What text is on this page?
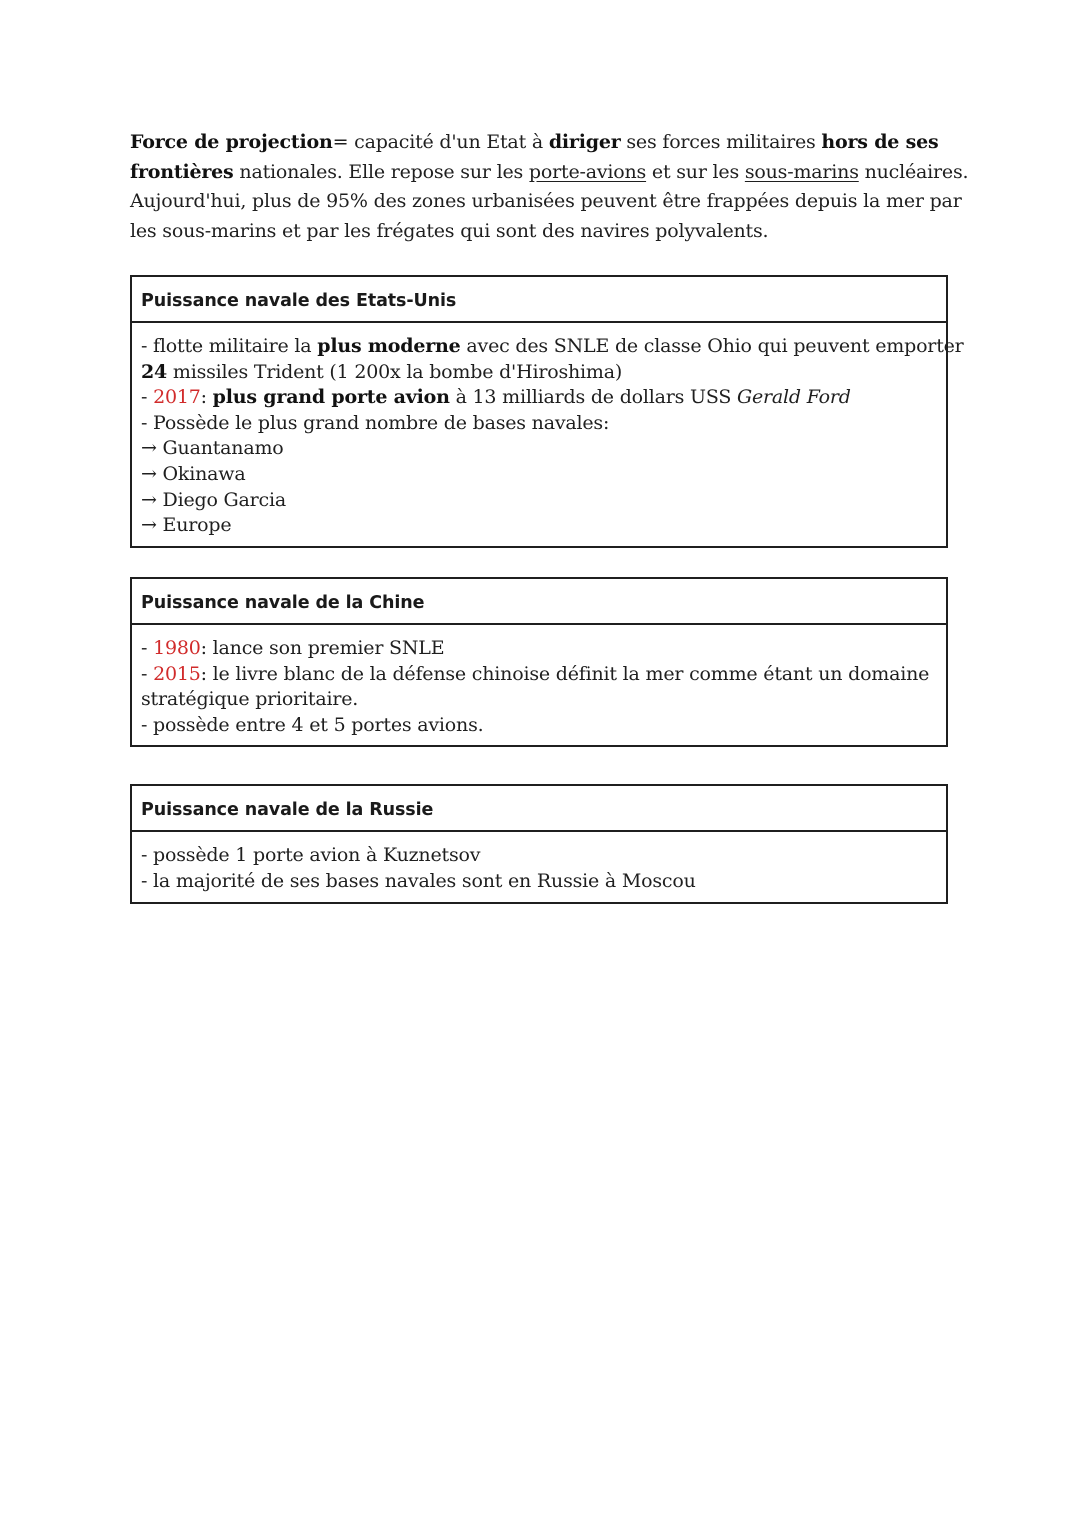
Force de projection= capacité d'un Etat à diriger ses forces militaires hors de ses
frontières nationales. Elle repose sur les porte-avions et sur les sous-marins nucléaires.
Aujourd'hui, plus de 95% des zones urbanisées peuvent être frappées depuis la mer par
les sous-marins et par les frégates qui sont des navires polyvalents.
Puissance navale des Etats-Unis
- flotte militaire la plus moderne avec des SNLE de classe Ohio qui peuvent emporter
24 missiles Trident (1 200x la bombe d'Hiroshima)
- 2017: plus grand porte avion à 13 milliards de dollars USS Gerald Ford
- Possède le plus grand nombre de bases navales:
→ Guantanamo
→ Okinawa
→ Diego Garcia
→ Europe
Puissance navale de la Chine
- 1980: lance son premier SNLE
- 2015: le livre blanc de la défense chinoise définit la mer comme étant un domaine
stratégique prioritaire.
- possède entre 4 et 5 portes avions.
Puissance navale de la Russie
- possède 1 porte avion à Kuznetsov
- la majorité de ses bases navales sont en Russie à Moscou
